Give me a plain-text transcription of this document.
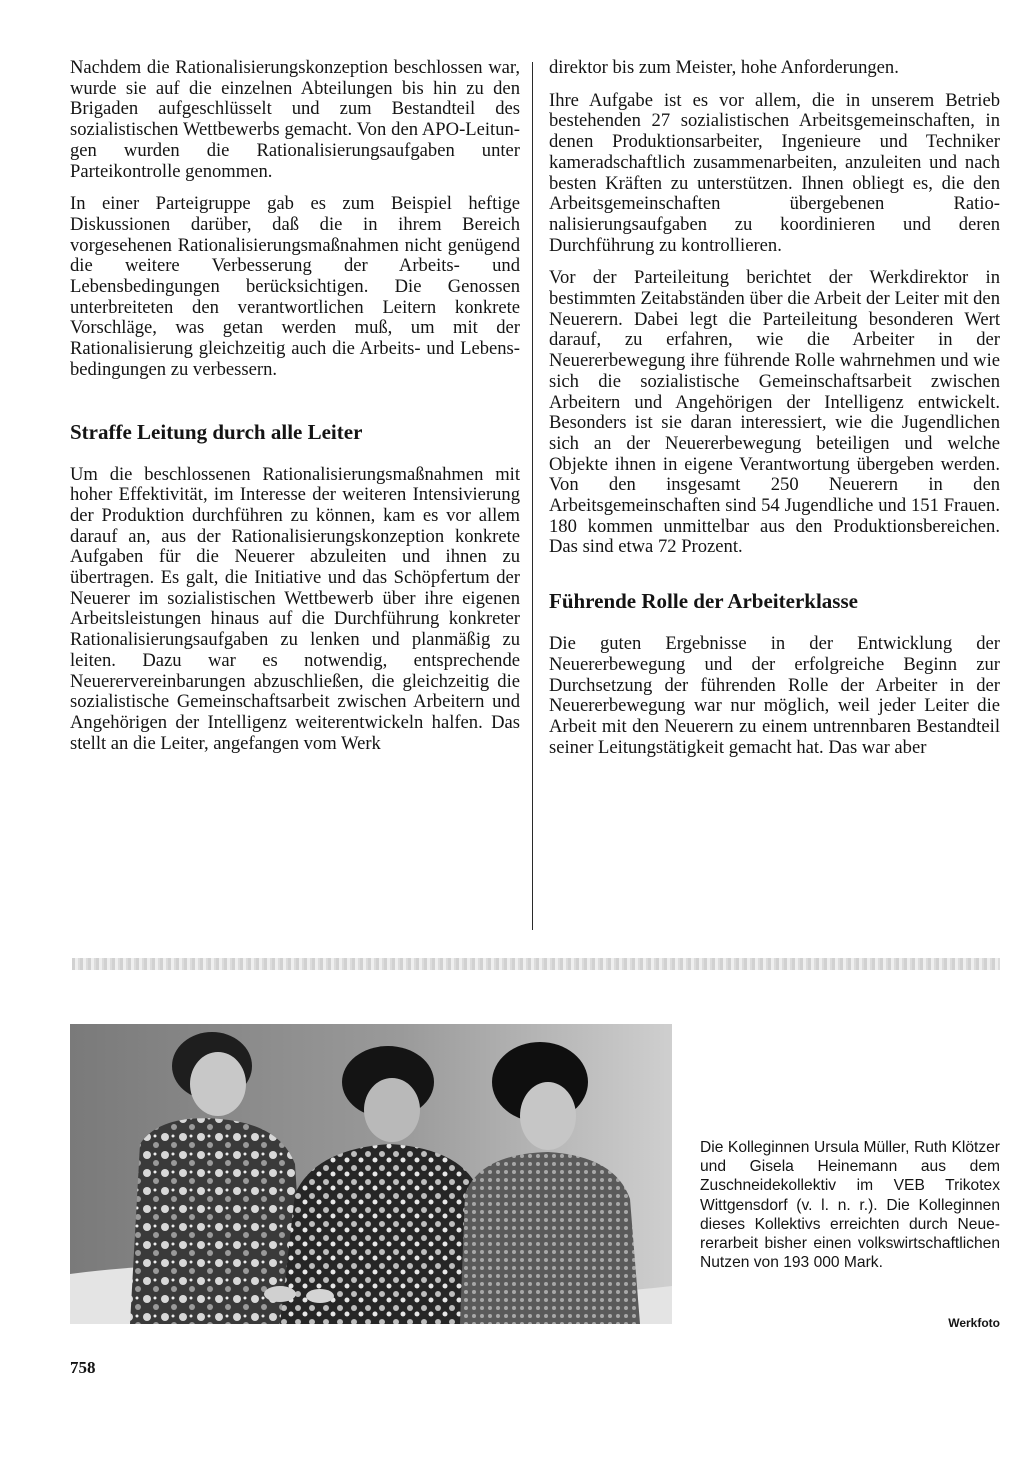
Nachdem die Rationalisierungskonzeption beschlossen war, wurde sie auf die einzelnen Abteilungen bis hin zu den Brigaden aufgeschlüsselt und zum Bestandteil des sozialistischen Wettbewerbs gemacht. Von den APO-Leitungen wurden die Rationalisierungsaufgaben unter Parteikontrolle genommen.

In einer Parteigruppe gab es zum Beispiel heftige Diskussionen darüber, daß die in ihrem Bereich vorgesehenen Rationalisierungsmaßnahmen nicht genügend die weitere Verbesserung der Arbeits- und Lebensbedingungen berücksichtigen. Die Genossen unterbreiteten den verantwortlichen Leitern konkrete Vorschläge, was getan werden muß, um mit der Rationalisierung gleichzeitig auch die Arbeits- und Lebensbedingungen zu verbessern.

Straffe Leitung durch alle Leiter

Um die beschlossenen Rationalisierungsmaßnahmen mit hoher Effektivität, im Interesse der weiteren Intensivierung der Produktion durchführen zu können, kam es vor allem darauf an, aus der Rationalisierungskonzeption konkrete Aufgaben für die Neuerer abzuleiten und ihnen zu übertragen. Es galt, die Initiative und das Schöpfertum der Neuerer im sozialistischen Wettbewerb über ihre eigenen Arbeitsleistungen hinaus auf die Durchführung konkreter Rationalisierungsaufgaben zu lenken und planmäßig zu leiten. Dazu war es notwendig, entsprechende Neuerervereinbarungen abzuschließen, die gleichzeitig die sozialistische Gemeinschaftsarbeit zwischen Arbeitern und Angehörigen der Intelligenz weiterentwickeln halfen. Das stellt an die Leiter, angefangen vom Werk

direktor bis zum Meister, hohe Anforderungen.

Ihre Aufgabe ist es vor allem, die in unserem Betrieb bestehenden 27 sozialistischen Arbeitsgemeinschaften, in denen Produktionsarbeiter, Ingenieure und Techniker kameradschaftlich zusammenarbeiten, anzuleiten und nach besten Kräften zu unterstützen. Ihnen obliegt es, die den Arbeitsgemeinschaften übergebenen Rationalisierungsaufgaben zu koordinieren und deren Durchführung zu kontrollieren.

Vor der Parteileitung berichtet der Werkdirektor in bestimmten Zeitabständen über die Arbeit der Leiter mit den Neuerern. Dabei legt die Parteileitung besonderen Wert darauf, zu erfahren, wie die Arbeiter in der Neuererbewegung ihre führende Rolle wahrnehmen und wie sich die sozialistische Gemeinschaftsarbeit zwischen Arbeitern und Angehörigen der Intelligenz entwickelt. Besonders ist sie daran interessiert, wie die Jugendlichen sich an der Neuererbewegung beteiligen und welche Objekte ihnen in eigene Verantwortung übergeben werden. Von den insgesamt 250 Neuerern in den Arbeitsgemeinschaften sind 54 Jugendliche und 151 Frauen. 180 kommen unmittelbar aus den Produktionsbereichen. Das sind etwa 72 Prozent.

Führende Rolle der Arbeiterklasse

Die guten Ergebnisse in der Entwicklung der Neuererbewegung und der erfolgreiche Beginn zur Durchsetzung der führenden Rolle der Arbeiter in der Neuererbewegung war nur möglich, weil jeder Leiter die Arbeit mit den Neuerern zu einem untrennbaren Bestandteil seiner Leitungstätigkeit gemacht hat. Das war aber

Die Kolleginnen Ursula Müller, Ruth Klötzer und Gisela Heinemann aus dem Zuschneidekollektiv im VEB Trikotex Wittgensdorf (v. l. n. r.). Die Kolleginnen dieses Kollektivs erreichten durch Neuererarbeit bisher einen volkswirtschaftlichen Nutzen von 193 000 Mark.
Werkfoto
758
